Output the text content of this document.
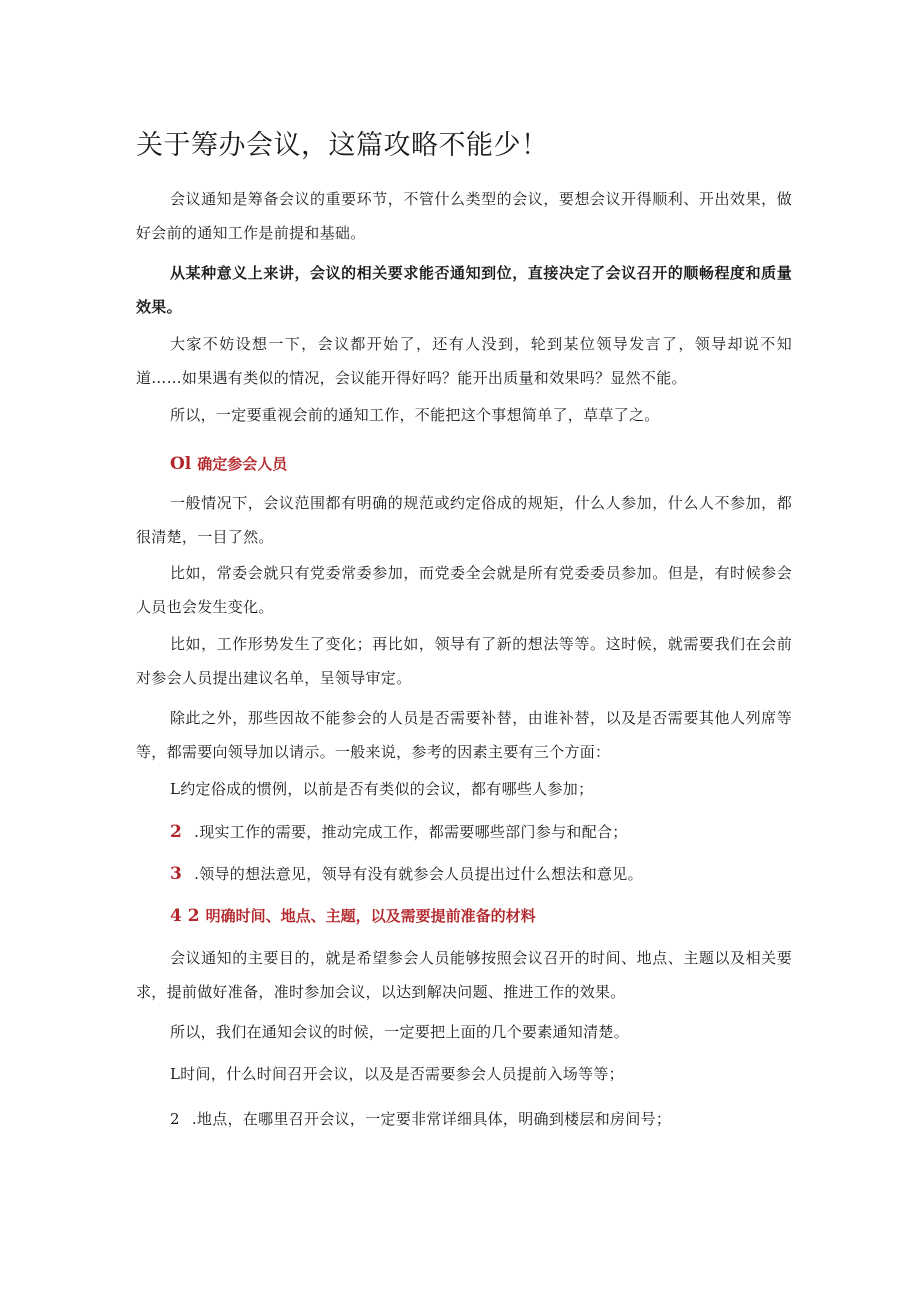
关于筹办会议，这篇攻略不能少！

会议通知是筹备会议的重要环节，不管什么类型的会议，要想会议开得顺利、开出效果，做好会前的通知工作是前提和基础。

从某种意义上来讲，会议的相关要求能否通知到位，直接决定了会议召开的顺畅程度和质量效果。

大家不妨设想一下，会议都开始了，还有人没到，轮到某位领导发言了，领导却说不知道……如果遇有类似的情况，会议能开得好吗？能开出质量和效果吗？显然不能。

所以，一定要重视会前的通知工作，不能把这个事想简单了，草草了之。

Ol 确定参会人员

一般情况下，会议范围都有明确的规范或约定俗成的规矩，什么人参加，什么人不参加，都很清楚，一目了然。

比如，常委会就只有党委常委参加，而党委全会就是所有党委委员参加。但是，有时候参会人员也会发生变化。

比如，工作形势发生了变化；再比如，领导有了新的想法等等。这时候，就需要我们在会前对参会人员提出建议名单，呈领导审定。

除此之外，那些因故不能参会的人员是否需要补替，由谁补替，以及是否需要其他人列席等等，都需要向领导加以请示。一般来说，参考的因素主要有三个方面：

L约定俗成的惯例，以前是否有类似的会议，都有哪些人参加；
2 .现实工作的需要，推动完成工作，都需要哪些部门参与和配合；
3 .领导的想法意见，领导有没有就参会人员提出过什么想法和意见。
4 2 明确时间、地点、主题，以及需要提前准备的材料

会议通知的主要目的，就是希望参会人员能够按照会议召开的时间、地点、主题以及相关要求，提前做好准备，准时参加会议，以达到解决问题、推进工作的效果。

所以，我们在通知会议的时候，一定要把上面的几个要素通知清楚。

L时间，什么时间召开会议，以及是否需要参会人员提前入场等等；
2 .地点，在哪里召开会议，一定要非常详细具体，明确到楼层和房间号；
